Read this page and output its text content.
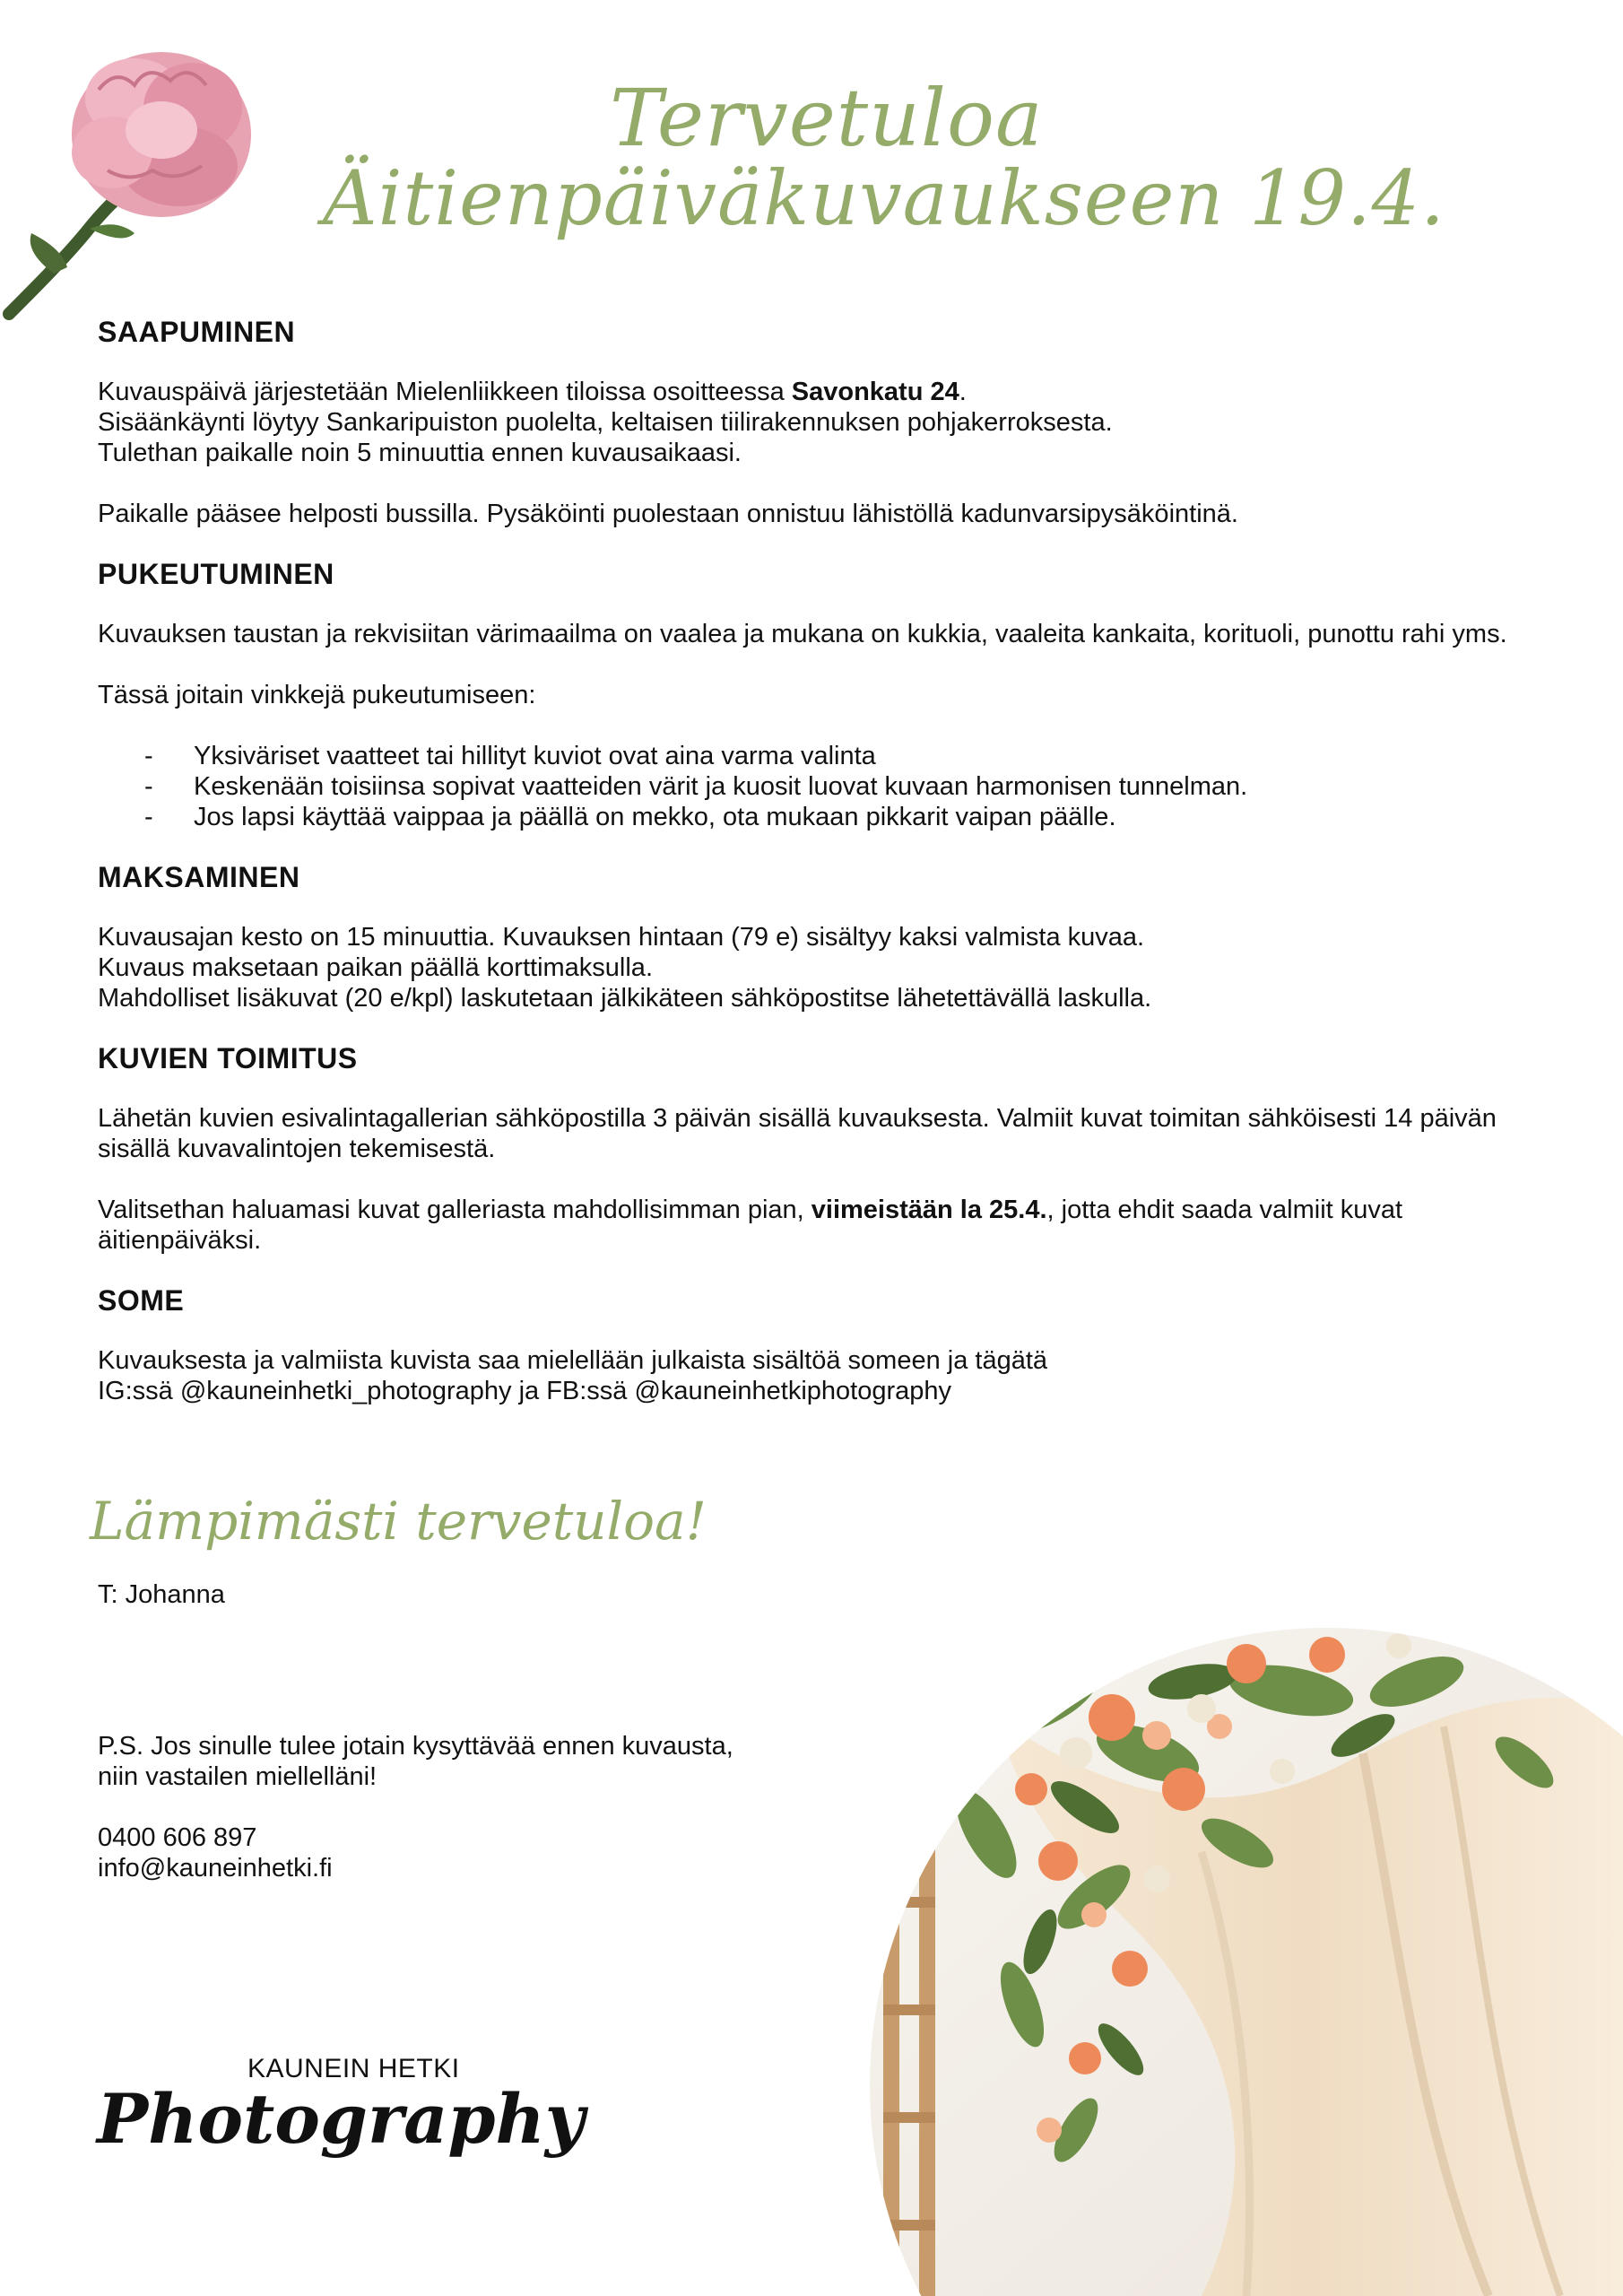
Tervetuloa
Äitienpäiväkuvaukseen 19.4.
SAAPUMINEN

Kuvauspäivä järjestetään Mielenliikkeen tiloissa osoitteessa Savonkatu 24.

Sisäänkäynti löytyy Sankaripuiston puolelta, keltaisen tiilirakennuksen pohjakerroksesta.

Tulethan paikalle noin 5 minuuttia ennen kuvausaikaasi.

Paikalle pääsee helposti bussilla. Pysäköinti puolestaan onnistuu lähistöllä kadunvarsipysäköintinä.

PUKEUTUMINEN

Kuvauksen taustan ja rekvisiitan värimaailma on vaalea ja mukana on kukkia, vaaleita kankaita, korituoli, punottu rahi yms.

Tässä joitain vinkkejä pukeutumiseen:

- Yksiväriset vaatteet tai hillityt kuviot ovat aina varma valinta
- Keskenään toisiinsa sopivat vaatteiden värit ja kuosit luovat kuvaan harmonisen tunnelman.
- Jos lapsi käyttää vaippaa ja päällä on mekko, ota mukaan pikkarit vaipan päälle.
MAKSAMINEN

Kuvausajan kesto on 15 minuuttia. Kuvauksen hintaan (79 e) sisältyy kaksi valmista kuvaa.

Kuvaus maksetaan paikan päällä korttimaksulla.

Mahdolliset lisäkuvat (20 e/kpl) laskutetaan jälkikäteen sähköpostitse lähetettävällä laskulla.

KUVIEN TOIMITUS

Lähetän kuvien esivalintagallerian sähköpostilla 3 päivän sisällä kuvauksesta. Valmiit kuvat toimitan sähköisesti 14 päivän sisällä kuvavalintojen tekemisestä.

Valitsethan haluamasi kuvat galleriasta mahdollisimman pian, viimeistään la 25.4., jotta ehdit saada valmiit kuvat äitienpäiväksi.

SOME

Kuvauksesta ja valmiista kuvista saa mielellään julkaista sisältöä someen ja tägätä

IG:ssä @kauneinhetki_photography ja FB:ssä @kauneinhetkiphotography

Lämpimästi tervetuloa!
T: Johanna

P.S. Jos sinulle tulee jotain kysyttävää ennen kuvausta,

niin vastailen miellelläni!

0400 606 897

info@kauneinhetki.fi

KAUNEIN HETKI
Photography
